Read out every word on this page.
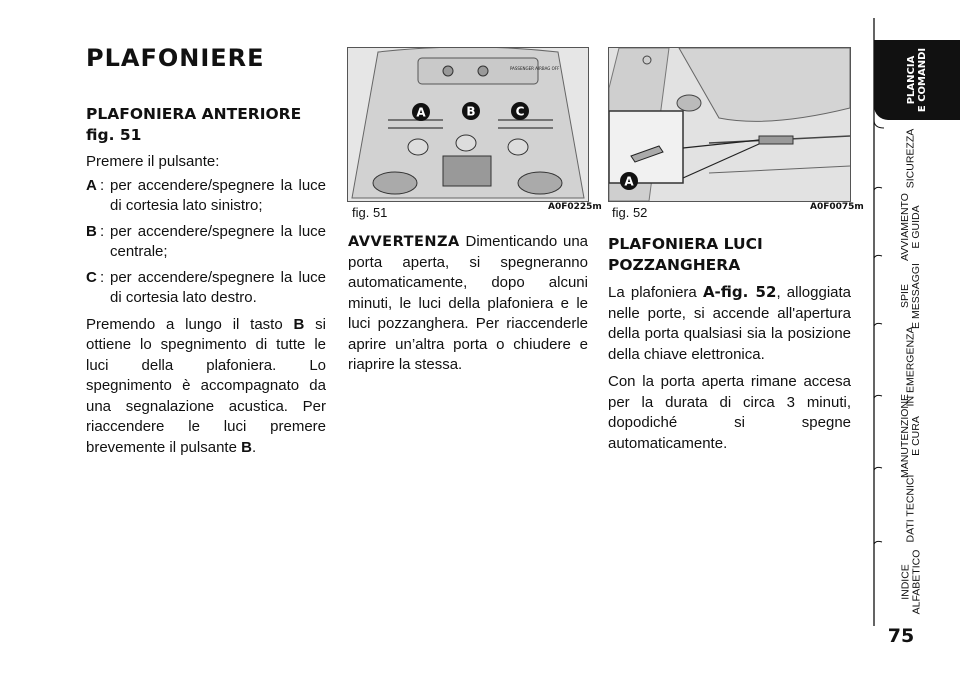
PLAFONIERE
PLAFONIERA ANTERIORE
fig. 51

Premere il pulsante:

A : per accendere/spegnere la luce di cortesia lato sinistro;
B : per accendere/spegnere la luce centrale;
C : per accendere/spegnere la luce di cortesia lato destro.

Premendo a lungo il tasto B si ottiene lo spegnimento di tutte le luci della plafoniera. Lo spegnimento è accompagnato da una segnalazione acustica. Per riaccendere le luci premere brevemente il pulsante B.

PASSENGER AIRBAG OFF
A	B	C
fig. 51	A0F0225m
A
fig. 52	A0F0075m

AVVERTENZA Dimenticando una porta aperta, si spegneranno automaticamente, dopo alcuni minuti, le luci della plafoniera e le luci pozzanghera. Per riaccenderle aprire un’altra porta o chiudere e riaprire la stessa.

PLAFONIERA LUCI
POZZANGHERA

La plafoniera A-fig. 52, alloggiata nelle porte, si accende all'apertura della porta qualsiasi sia la posizione della chiave elettronica.

Con la porta aperta rimane accesa per la durata di circa 3 minuti, dopodiché si spegne automaticamente.

PLANCIA
E COMANDI
SICUREZZA
AVVIAMENTO
E GUIDA
SPIE
E MESSAGGI
IN EMERGENZA
MANUTENZIONE
E CURA
DATI TECNICI
INDICE
ALFABETICO
75
